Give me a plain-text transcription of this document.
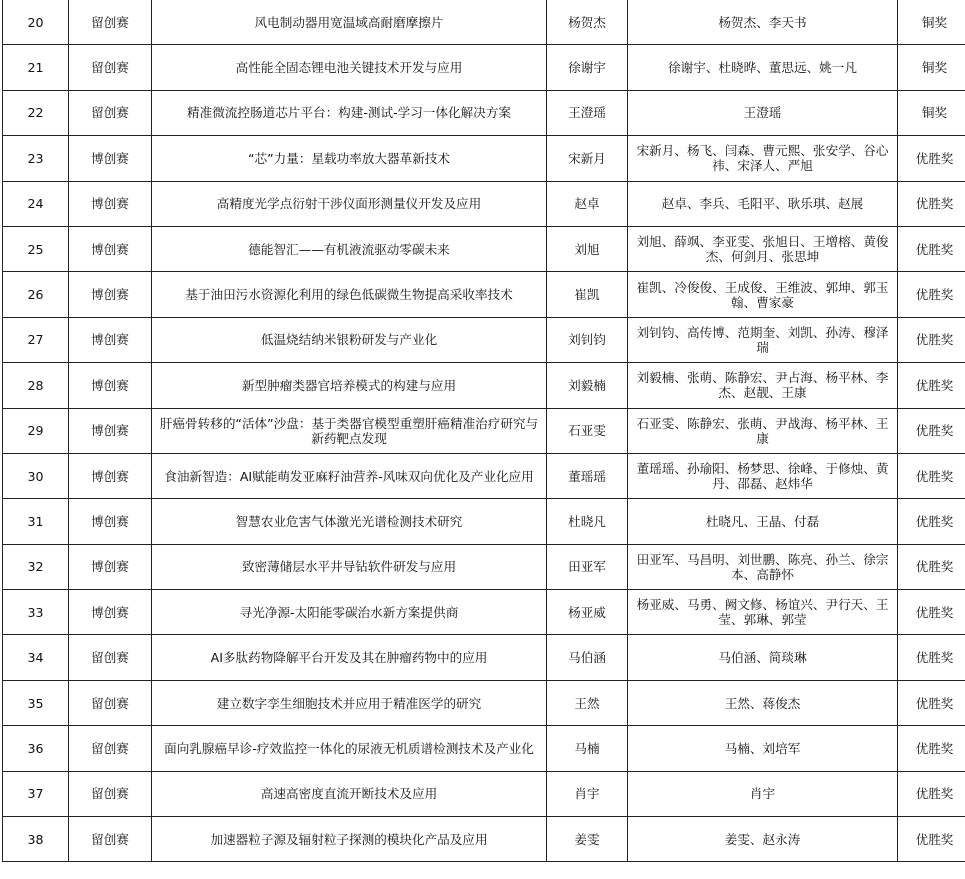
20	留创赛	风电制动器用宽温域高耐磨摩擦片	杨贺杰	杨贺杰、李天书	铜奖
21	留创赛	高性能全固态锂电池关键技术开发与应用	徐谢宇	徐谢宇、杜晓晔、董思远、姚一凡	铜奖
22	留创赛	精准微流控肠道芯片平台：构建-测试-学习一体化解决方案	王澄瑶	王澄瑶	铜奖
23	博创赛	“芯”力量：星载功率放大器革新技术	宋新月	宋新月、杨飞、闫森、曹元熙、张安学、谷心祎、宋泽人、严旭	优胜奖
24	博创赛	高精度光学点衍射干涉仪面形测量仪开发及应用	赵卓	赵卓、李兵、毛阳平、耿乐琪、赵展	优胜奖
25	博创赛	德能智汇——有机液流驱动零碳未来	刘旭	刘旭、薛飒、李亚雯、张旭日、王增榕、黄俊杰、何剑月、张思坤	优胜奖
26	博创赛	基于油田污水资源化利用的绿色低碳微生物提高采收率技术	崔凯	崔凯、冷俊俊、王成俊、王维波、郭坤、郭玉翰、曹家豪	优胜奖
27	博创赛	低温烧结纳米银粉研发与产业化	刘钊钧	刘钊钧、高传博、范期奎、刘凯、孙涛、穆泽瑞	优胜奖
28	博创赛	新型肿瘤类器官培养模式的构建与应用	刘毅楠	刘毅楠、张萌、陈静宏、尹占海、杨平林、李杰、赵靓、王康	优胜奖
29	博创赛	肝癌骨转移的“活体”沙盘：基于类器官模型重塑肝癌精准治疗研究与新药靶点发现	石亚雯	石亚雯、陈静宏、张萌、尹战海、杨平林、王康	优胜奖
30	博创赛	食油新智造：AI赋能萌发亚麻籽油营养-风味双向优化及产业化应用	董瑶瑶	董瑶瑶、孙瑜阳、杨梦思、徐峰、于修烛、黄丹、邵磊、赵炜华	优胜奖
31	博创赛	智慧农业危害气体激光光谱检测技术研究	杜晓凡	杜晓凡、王晶、付磊	优胜奖
32	博创赛	致密薄储层水平井导钻软件研发与应用	田亚军	田亚军、马昌明、刘世鹏、陈亮、孙兰、徐宗本、高静怀	优胜奖
33	博创赛	寻光净源-太阳能零碳治水新方案提供商	杨亚威	杨亚威、马勇、阙文修、杨谊兴、尹行天、王莹、郭琳、郭莹	优胜奖
34	留创赛	AI多肽药物降解平台开发及其在肿瘤药物中的应用	马伯涵	马伯涵、简琰琳	优胜奖
35	留创赛	建立数字孪生细胞技术并应用于精准医学的研究	王然	王然、蒋俊杰	优胜奖
36	留创赛	面向乳腺癌早诊-疗效监控一体化的尿液无机质谱检测技术及产业化	马楠	马楠、刘培军	优胜奖
37	留创赛	高速高密度直流开断技术及应用	肖宇	肖宇	优胜奖
38	留创赛	加速器粒子源及辐射粒子探测的模块化产品及应用	姜雯	姜雯、赵永涛	优胜奖
